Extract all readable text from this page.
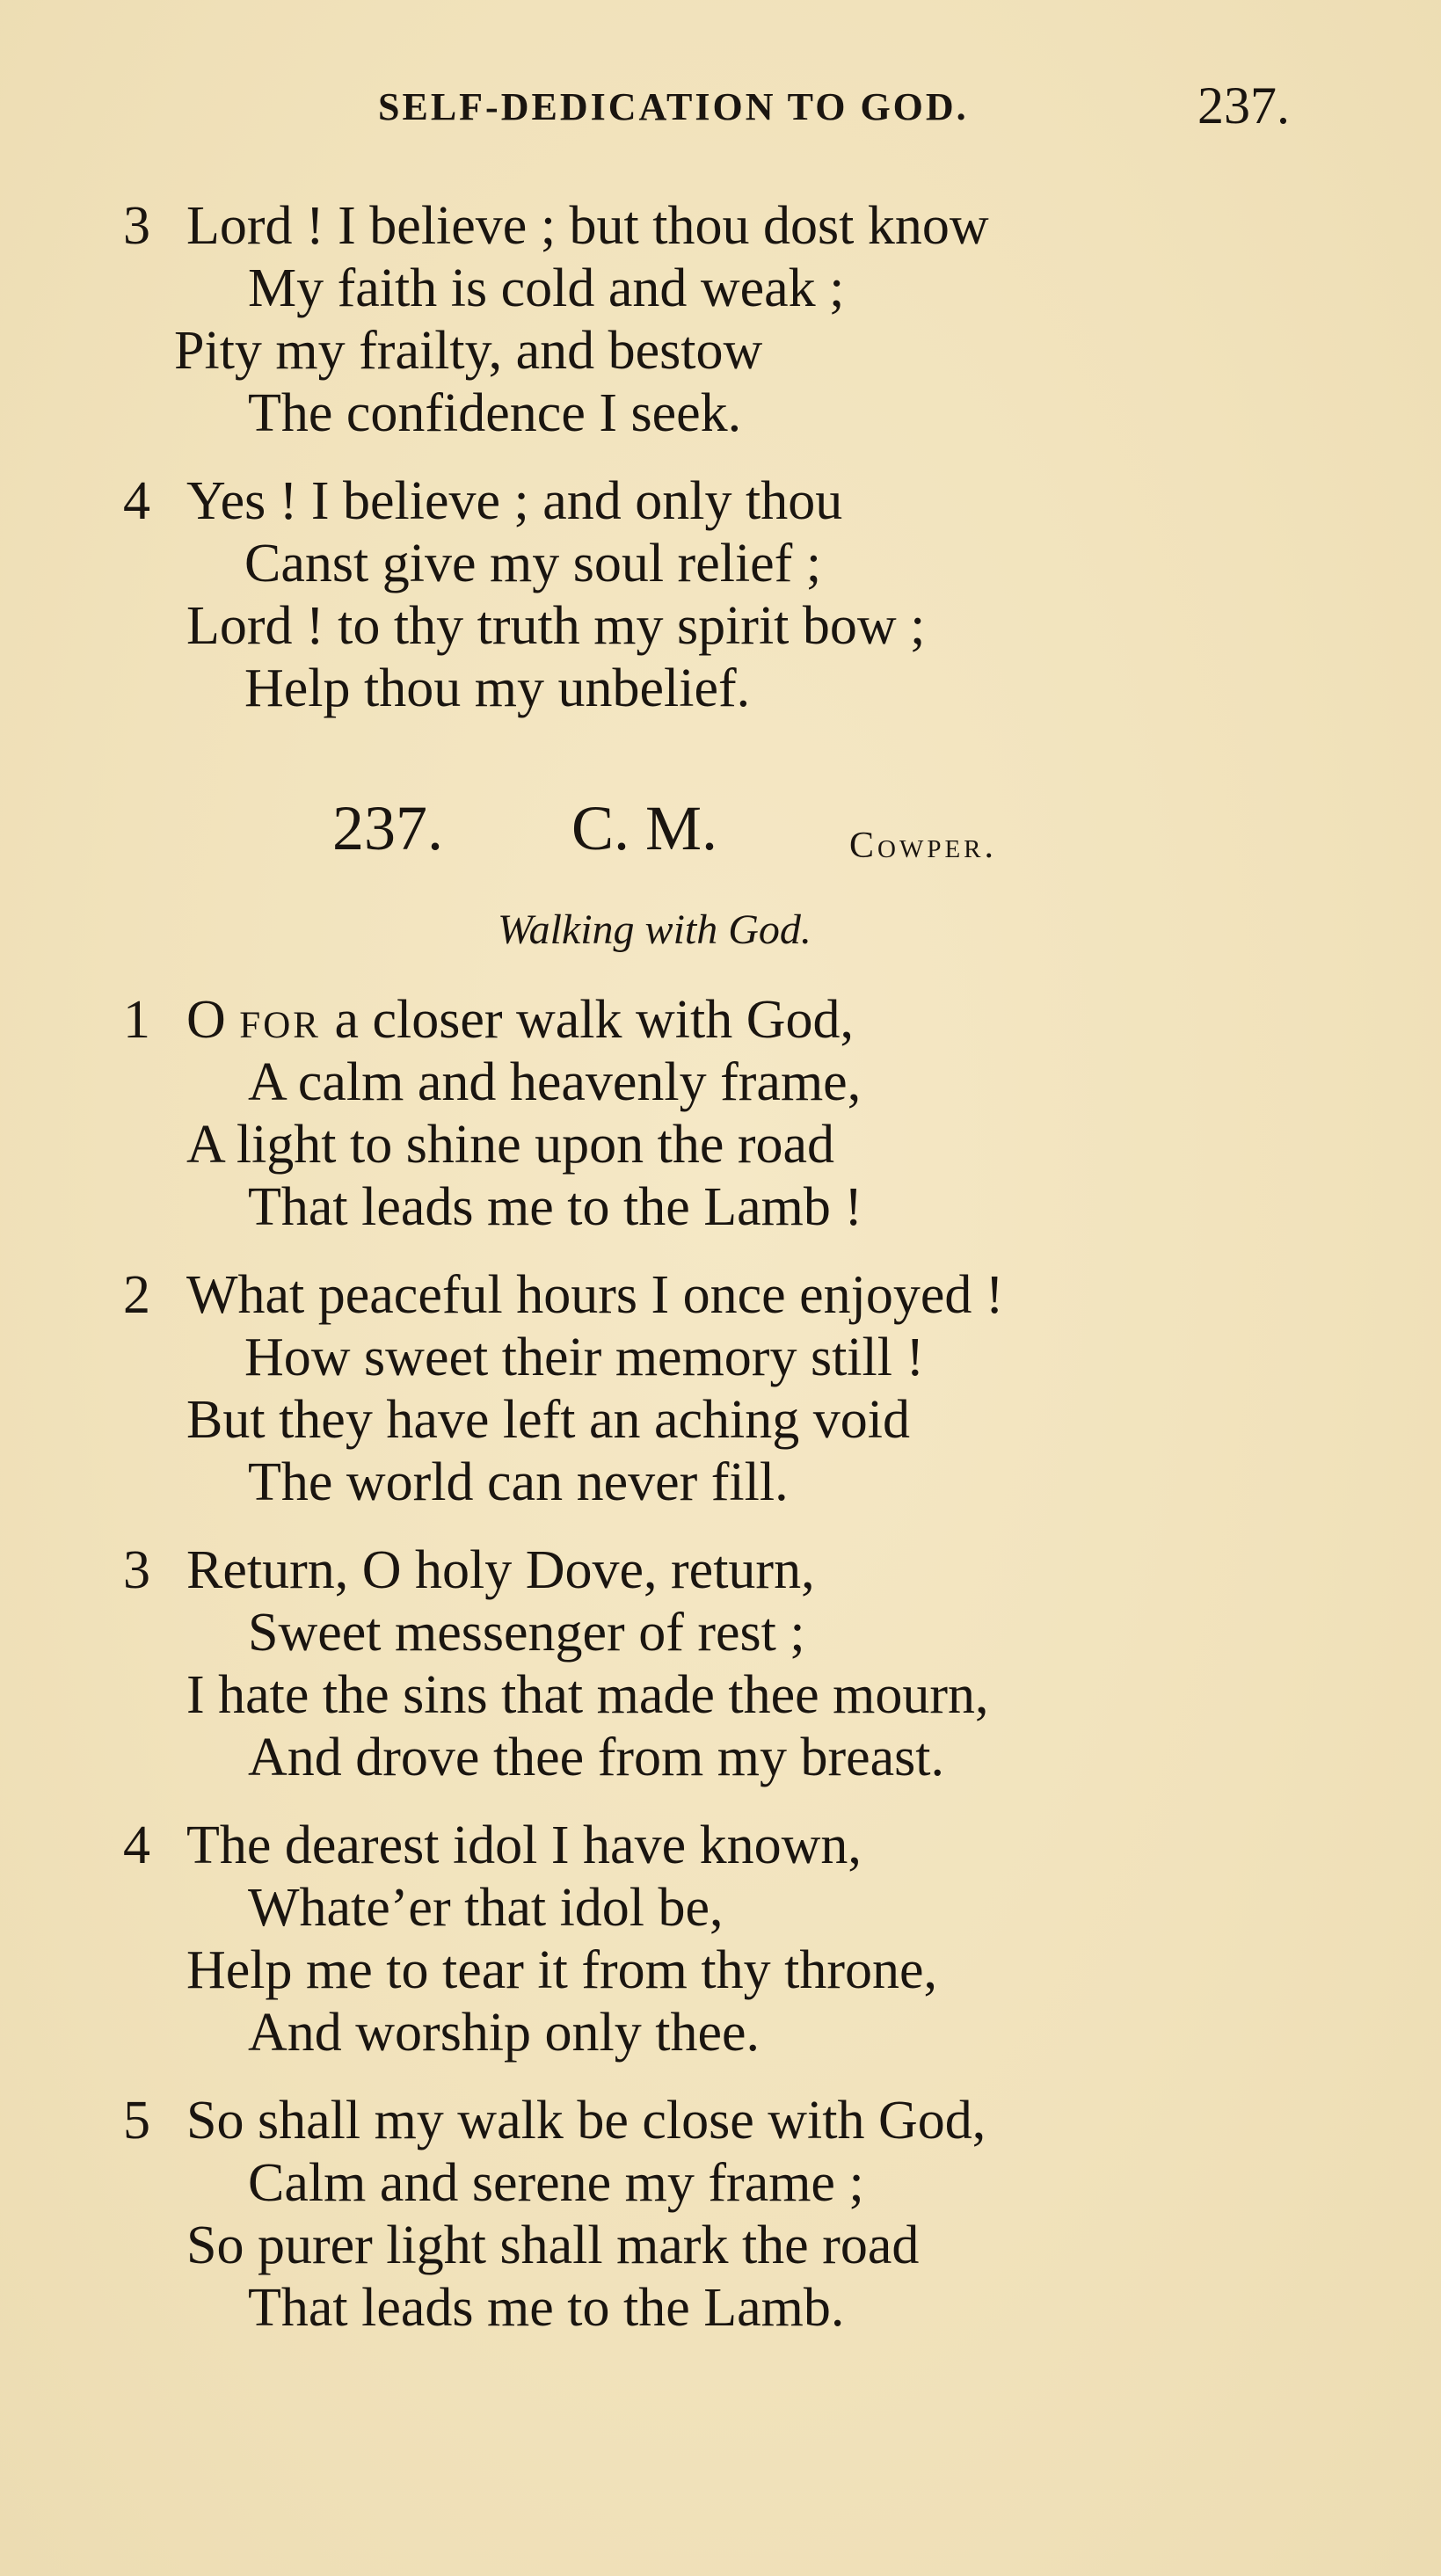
SELF-DEDICATION TO GOD.	237.
3 Lord ! I believe ; but thou dost know
My faith is cold and weak ;
Pity my frailty, and bestow
The confidence I seek.
4 Yes ! I believe ; and only thou
Canst give my soul relief ;
Lord ! to thy truth my spirit bow ;
Help thou my unbelief.
237. C. M.	Cowper.
Walking with God.
1 O for a closer walk with God,
A calm and heavenly frame,
A light to shine upon the road
That leads me to the Lamb !
2 What peaceful hours I once enjoyed !
How sweet their memory still !
But they have left an aching void
The world can never fill.
3 Return, O holy Dove, return,
Sweet messenger of rest ;
I hate the sins that made thee mourn,
And drove thee from my breast.
4 The dearest idol I have known,
Whate’er that idol be,
Help me to tear it from thy throne,
And worship only thee.
5 So shall my walk be close with God,
Calm and serene my frame ;
So purer light shall mark the road
That leads me to the Lamb.
